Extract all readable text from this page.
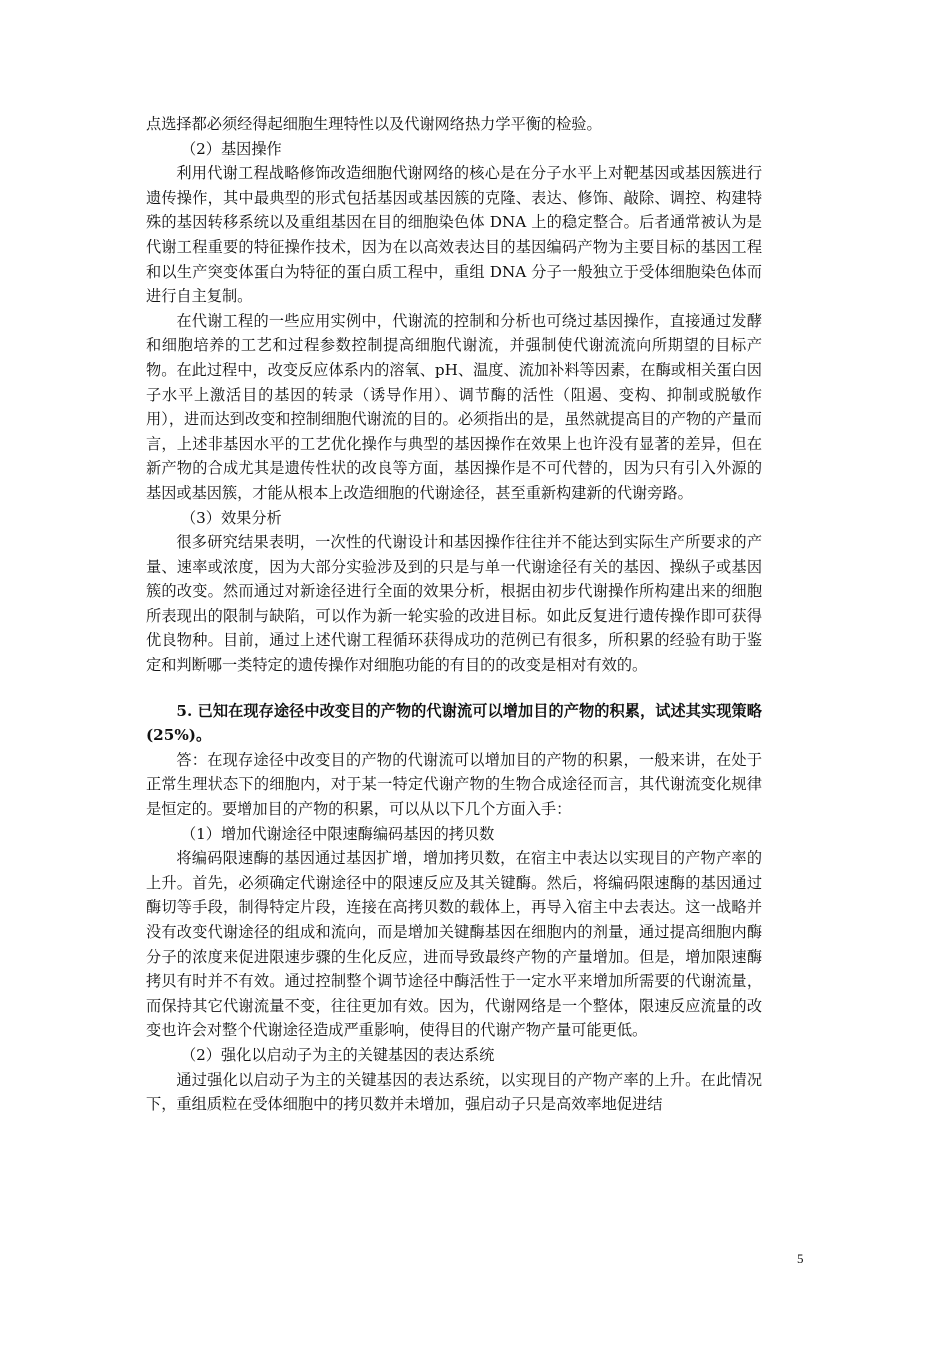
点选择都必须经得起细胞生理特性以及代谢网络热力学平衡的检验。

（2）基因操作

利用代谢工程战略修饰改造细胞代谢网络的核心是在分子水平上对靶基因或基因簇进行遗传操作，其中最典型的形式包括基因或基因簇的克隆、表达、修饰、敲除、调控、构建特殊的基因转移系统以及重组基因在目的细胞染色体 DNA 上的稳定整合。后者通常被认为是代谢工程重要的特征操作技术，因为在以高效表达目的基因编码产物为主要目标的基因工程和以生产突变体蛋白为特征的蛋白质工程中，重组 DNA 分子一般独立于受体细胞染色体而进行自主复制。

在代谢工程的一些应用实例中，代谢流的控制和分析也可绕过基因操作，直接通过发酵和细胞培养的工艺和过程参数控制提高细胞代谢流，并强制使代谢流流向所期望的目标产物。在此过程中，改变反应体系内的溶氧、pH、温度、流加补料等因素，在酶或相关蛋白因子水平上激活目的基因的转录（诱导作用）、调节酶的活性（阻遏、变构、抑制或脱敏作用），进而达到改变和控制细胞代谢流的目的。必须指出的是，虽然就提高目的产物的产量而言，上述非基因水平的工艺优化操作与典型的基因操作在效果上也许没有显著的差异，但在新产物的合成尤其是遗传性状的改良等方面，基因操作是不可代替的，因为只有引入外源的基因或基因簇，才能从根本上改造细胞的代谢途径，甚至重新构建新的代谢旁路。

（3）效果分析

很多研究结果表明，一次性的代谢设计和基因操作往往并不能达到实际生产所要求的产量、速率或浓度，因为大部分实验涉及到的只是与单一代谢途径有关的基因、操纵子或基因簇的改变。然而通过对新途径进行全面的效果分析，根据由初步代谢操作所构建出来的细胞所表现出的限制与缺陷，可以作为新一轮实验的改进目标。如此反复进行遗传操作即可获得优良物种。目前，通过上述代谢工程循环获得成功的范例已有很多，所积累的经验有助于鉴定和判断哪一类特定的遗传操作对细胞功能的有目的的改变是相对有效的。

5. 已知在现存途径中改变目的产物的代谢流可以增加目的产物的积累，试述其实现策略(25%)。

答：在现存途径中改变目的产物的代谢流可以增加目的产物的积累，一般来讲，在处于正常生理状态下的细胞内，对于某一特定代谢产物的生物合成途径而言，其代谢流变化规律是恒定的。要增加目的产物的积累，可以从以下几个方面入手：

（1）增加代谢途径中限速酶编码基因的拷贝数

将编码限速酶的基因通过基因扩增，增加拷贝数，在宿主中表达以实现目的产物产率的上升。首先，必须确定代谢途径中的限速反应及其关键酶。然后，将编码限速酶的基因通过酶切等手段，制得特定片段，连接在高拷贝数的载体上，再导入宿主中去表达。这一战略并没有改变代谢途径的组成和流向，而是增加关键酶基因在细胞内的剂量，通过提高细胞内酶分子的浓度来促进限速步骤的生化反应，进而导致最终产物的产量增加。但是，增加限速酶拷贝有时并不有效。通过控制整个调节途径中酶活性于一定水平来增加所需要的代谢流量，而保持其它代谢流量不变，往往更加有效。因为，代谢网络是一个整体，限速反应流量的改变也许会对整个代谢途径造成严重影响，使得目的代谢产物产量可能更低。

（2）强化以启动子为主的关键基因的表达系统

通过强化以启动子为主的关键基因的表达系统，以实现目的产物产率的上升。在此情况下，重组质粒在受体细胞中的拷贝数并未增加，强启动子只是高效率地促进结

5
